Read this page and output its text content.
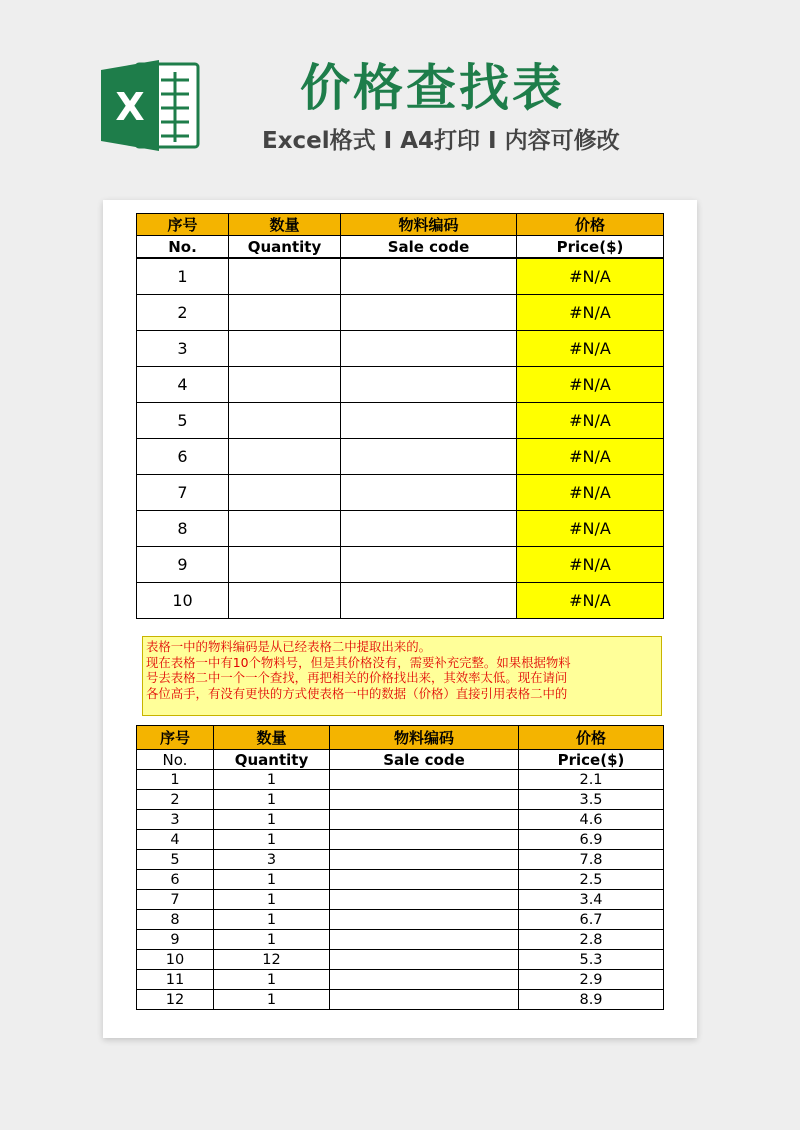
X	价格查找表
Excel格式 I A4打印 I 内容可修改
序号	数量	物料编码	价格
No.	Quantity	Sale code	Price($)
1			#N/A
2			#N/A
3			#N/A
4			#N/A
5			#N/A
6			#N/A
7			#N/A
8			#N/A
9			#N/A
10			#N/A
表格一中的物料编码是从已经表格二中提取出来的。
现在表格一中有10个物料号，但是其价格没有，需要补充完整。如果根据物料
号去表格二中一个一个查找，再把相关的价格找出来，其效率太低。现在请问
各位高手，有没有更快的方式使表格一中的数据（价格）直接引用表格二中的
序号	数量	物料编码	价格
No.	Quantity	Sale code	Price($)
1	1		2.1
2	1		3.5
3	1		4.6
4	1		6.9
5	3		7.8
6	1		2.5
7	1		3.4
8	1		6.7
9	1		2.8
10	12		5.3
11	1		2.9
12	1		8.9
